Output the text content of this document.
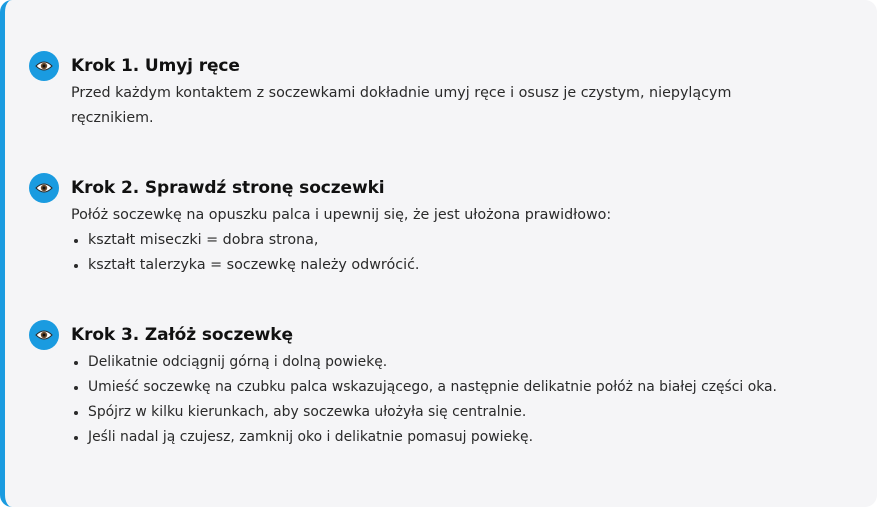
Krok 1. Umyj ręce
Przed każdym kontaktem z soczewkami dokładnie umyj ręce i osusz je czystym, niepylącym ręcznikiem.
Krok 2. Sprawdź stronę soczewki
Połóż soczewkę na opuszku palca i upewnij się, że jest ułożona prawidłowo:
kształt miseczki = dobra strona,
kształt talerzyka = soczewkę należy odwrócić.
Krok 3. Załóż soczewkę
Delikatnie odciągnij górną i dolną powiekę.
Umieść soczewkę na czubku palca wskazującego, a następnie delikatnie połóż na białej części oka.
Spójrz w kilku kierunkach, aby soczewka ułożyła się centralnie.
Jeśli nadal ją czujesz, zamknij oko i delikatnie pomasuj powiekę.
